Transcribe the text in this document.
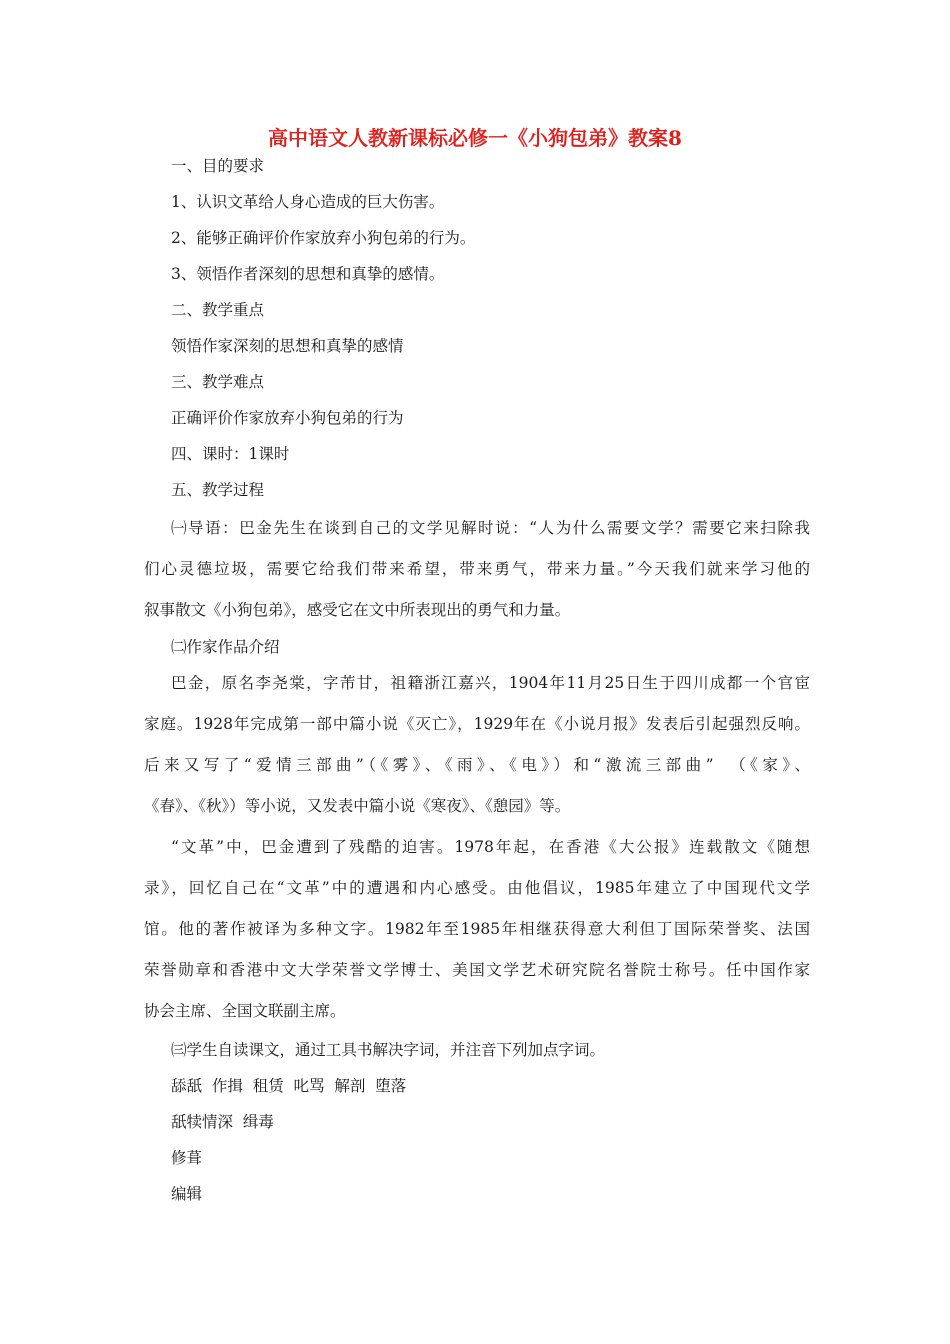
高中语文人教新课标必修一《小狗包弟》教案8
一、目的要求
1、认识文革给人身心造成的巨大伤害。
2、能够正确评价作家放弃小狗包弟的行为。
3、领悟作者深刻的思想和真挚的感情。
二、教学重点
领悟作家深刻的思想和真挚的感情
三、教学难点
正确评价作家放弃小狗包弟的行为
四、课时：1课时
五、教学过程
㈠导语：巴金先生在谈到自己的文学见解时说：“人为什么需要文学？需要它来扫除我
们心灵德垃圾，需要它给我们带来希望，带来勇气，带来力量。”今天我们就来学习他的
叙事散文《小狗包弟》，感受它在文中所表现出的勇气和力量。
㈡作家作品介绍
巴金，原名李尧棠，字芾甘，祖籍浙江嘉兴，1904年11月25日生于四川成都一个官宦
家庭。1928年完成第一部中篇小说《灭亡》，1929年在《小说月报》发表后引起强烈反响。
后来又写了“爱情三部曲”（《雾》、《雨》、《电》）和“激流三部曲”　（《家》、
《春》、《秋》）等小说，又发表中篇小说《寒夜》、《憩园》等。
“文革”中，巴金遭到了残酷的迫害。1978年起，在香港《大公报》连载散文《随想
录》，回忆自己在“文革”中的遭遇和内心感受。由他倡议，1985年建立了中国现代文学
馆。他的著作被译为多种文字。1982年至1985年相继获得意大利但丁国际荣誉奖、法国
荣誉勋章和香港中文大学荣誉文学博士、美国文学艺术研究院名誉院士称号。任中国作家
协会主席、全国文联副主席。
㈢学生自读课文，通过工具书解决字词，并注音下列加点字词。
舔舐  作揖  租赁  叱骂  解剖  堕落
舐犊情深  缉毒
修葺
编辑
